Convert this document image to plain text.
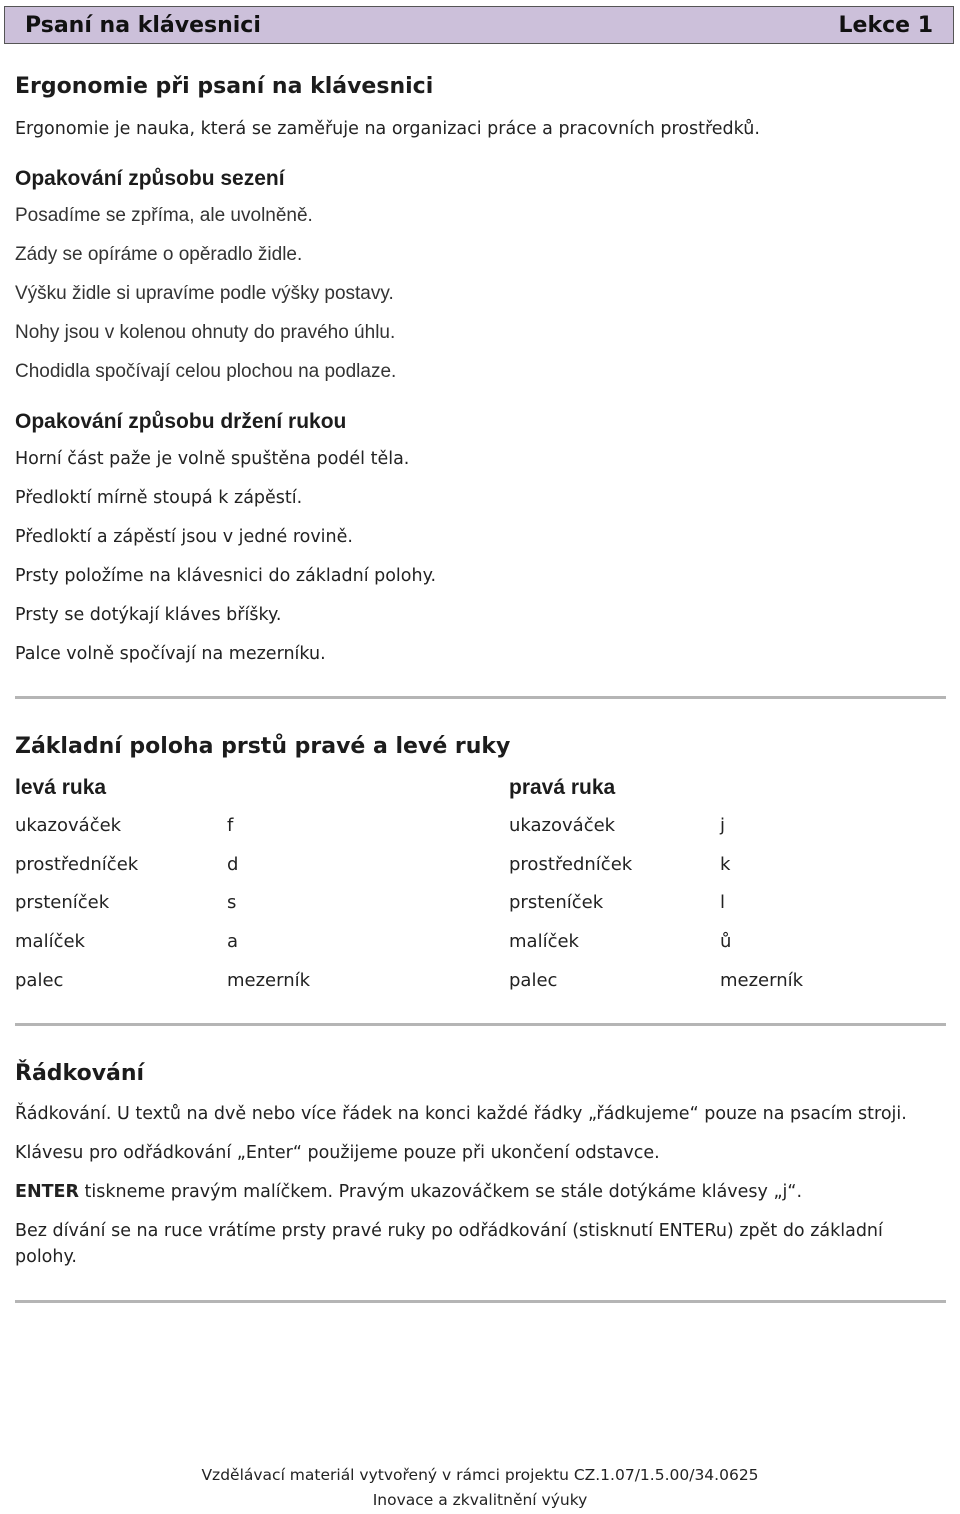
Psaní na klávesnici	Lekce 1
Ergonomie při psaní na klávesnici
Ergonomie je nauka, která se zaměřuje na organizaci práce a pracovních prostředků.
Opakování způsobu sezení
Posadíme se zpříma, ale uvolněně.
Zády se opíráme o opěradlo židle.
Výšku židle si upravíme podle výšky postavy.
Nohy jsou v kolenou ohnuty do pravého úhlu.
Chodidla spočívají celou plochou na podlaze.
Opakování způsobu držení rukou
Horní část paže je volně spuštěna podél těla.
Předloktí mírně stoupá k zápěstí.
Předloktí a zápěstí jsou v jedné rovině.
Prsty položíme na klávesnici do základní polohy.
Prsty se dotýkají kláves bříšky.
Palce volně spočívají na mezerníku.
Základní poloha prstů pravé a levé ruky
levá ruka	pravá ruka
ukazováček	f	ukazováček	j
prostředníček	d	prostředníček	k
prsteníček	s	prsteníček	l
malíček	a	malíček	ů
palec	mezerník	palec	mezerník
Řádkování
Řádkování. U textů na dvě nebo více řádek na konci každé řádky „řádkujeme“ pouze na psacím stroji.
Klávesu pro odřádkování „Enter“ použijeme pouze při ukončení odstavce.
ENTER tiskneme pravým malíčkem. Pravým ukazováčkem se stále dotýkáme klávesy „j“.
Bez dívání se na ruce vrátíme prsty pravé ruky po odřádkování (stisknutí ENTERu) zpět do základní
polohy.
Vzdělávací materiál vytvořený v rámci projektu CZ.1.07/1.5.00/34.0625
Inovace a zkvalitnění výuky
